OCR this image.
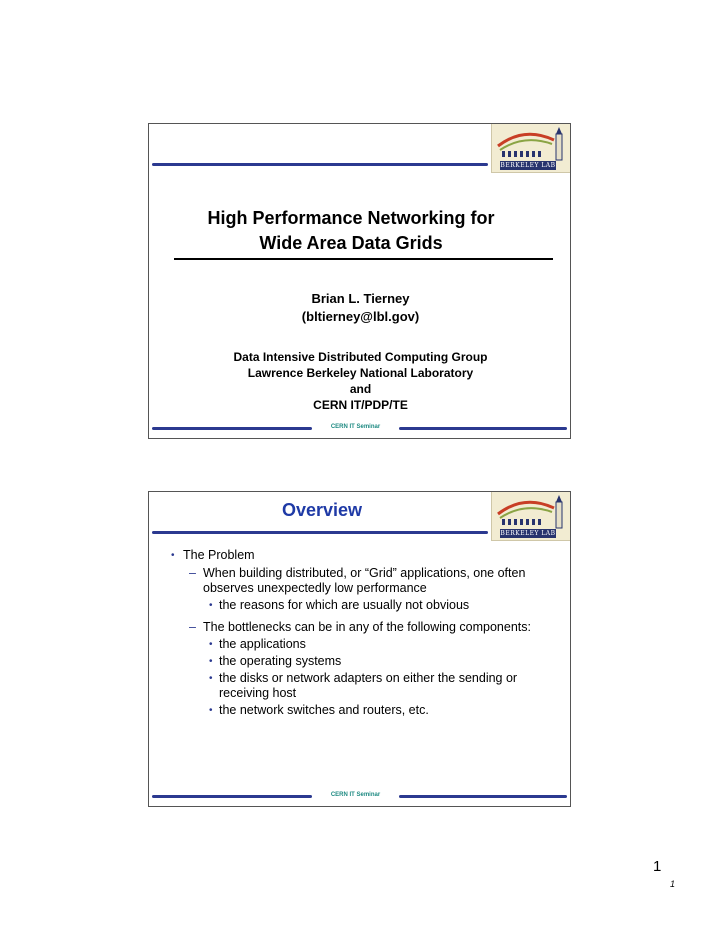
BERKELEY LAB
High Performance Networking for
Wide Area Data Grids
Brian L. Tierney
(bltierney@lbl.gov)
Data Intensive Distributed Computing Group
Lawrence Berkeley National Laboratory
and
CERN IT/PDP/TE
CERN IT Seminar
Overview
BERKELEY LAB
• The Problem
– When building distributed, or “Grid” applications, one often observes unexpectedly low performance
• the reasons for which are usually not obvious
– The bottlenecks can be in any of the following components:
• the applications
• the operating systems
• the disks or network adapters on either the sending or receiving host
• the network switches and routers, etc.
CERN IT Seminar
1
1
